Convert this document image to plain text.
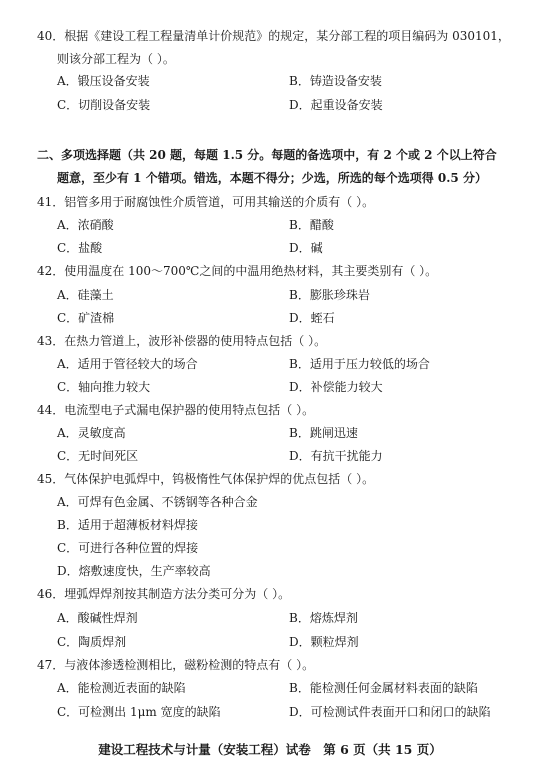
40．根据《建设工程工程量清单计价规范》的规定，某分部工程的项目编码为 030101，
则该分部工程为（ ）。
A．锻压设备安装	B．铸造设备安装
C．切削设备安装	D．起重设备安装
二、多项选择题（共 20 题，每题 1.5 分。每题的备选项中，有 2 个或 2 个以上符合
题意，至少有 1 个错项。错选，本题不得分；少选，所选的每个选项得 0.5 分）
41．铝管多用于耐腐蚀性介质管道，可用其输送的介质有（ ）。
A．浓硝酸	B．醋酸
C．盐酸	D．碱
42．使用温度在 100～700℃之间的中温用绝热材料，其主要类别有（ ）。
A．硅藻土	B．膨胀珍珠岩
C．矿渣棉	D．蛭石
43．在热力管道上，波形补偿器的使用特点包括（ ）。
A．适用于管径较大的场合	B．适用于压力较低的场合
C．轴向推力较大	D．补偿能力较大
44．电流型电子式漏电保护器的使用特点包括（ ）。
A．灵敏度高	B．跳闸迅速
C．无时间死区	D．有抗干扰能力
45．气体保护电弧焊中，钨极惰性气体保护焊的优点包括（ ）。
A．可焊有色金属、不锈钢等各种合金
B．适用于超薄板材料焊接
C．可进行各种位置的焊接
D．熔敷速度快，生产率较高
46．埋弧焊焊剂按其制造方法分类可分为（ ）。
A．酸碱性焊剂	B．熔炼焊剂
C．陶质焊剂	D．颗粒焊剂
47．与液体渗透检测相比，磁粉检测的特点有（ ）。
A．能检测近表面的缺陷	B．能检测任何金属材料表面的缺陷
C．可检测出 1μm 宽度的缺陷	D．可检测试件表面开口和闭口的缺陷
建设工程技术与计量（安装工程）试卷　第 6 页（共 15 页）
